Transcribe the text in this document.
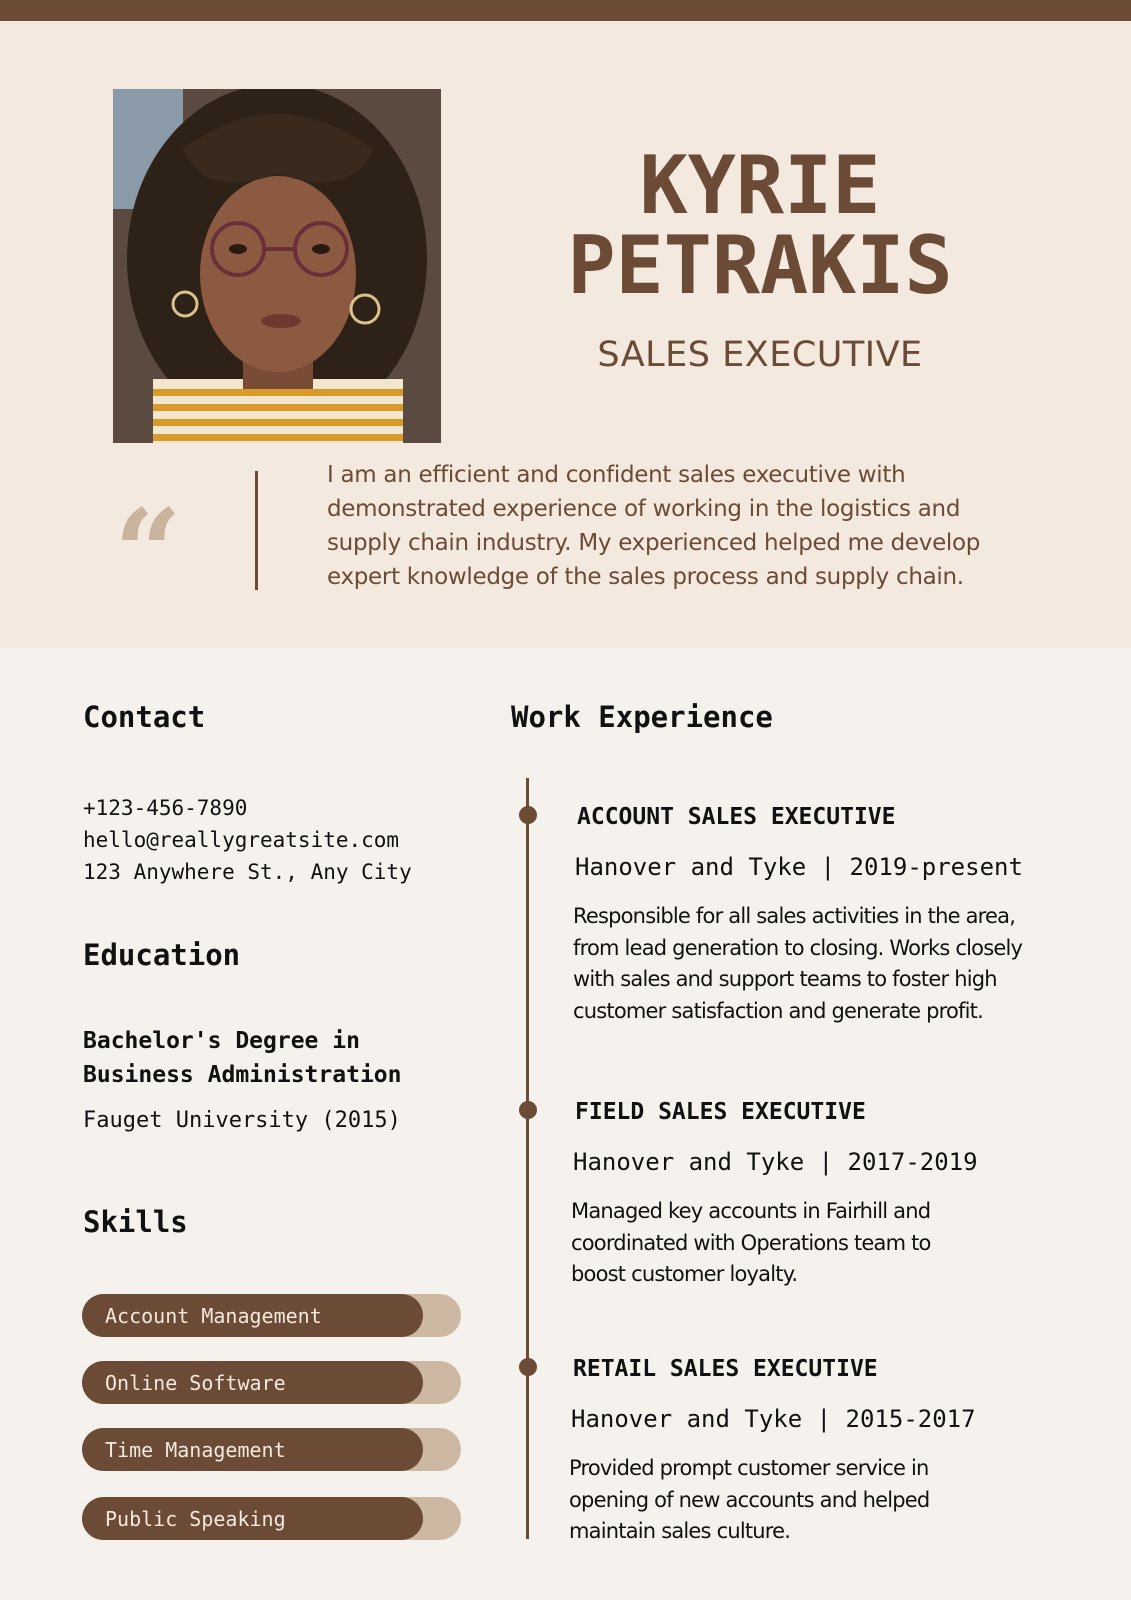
KYRIE
PETRAKIS
SALES EXECUTIVE
“
I am an efficient and confident sales executive with
demonstrated experience of working in the logistics and
supply chain industry. My experienced helped me develop
expert knowledge of the sales process and supply chain.
Contact
+123-456-7890
hello@reallygreatsite.com
123 Anywhere St., Any City
Education
Bachelor's Degree in
Business Administration
Fauget University (2015)
Skills
Account Management
Online Software
Time Management
Public Speaking
Work Experience
ACCOUNT SALES EXECUTIVE
Hanover and Tyke | 2019-present
Responsible for all sales activities in the area,
from lead generation to closing. Works closely
with sales and support teams to foster high
customer satisfaction and generate profit.
FIELD SALES EXECUTIVE
Hanover and Tyke | 2017-2019
Managed key accounts in Fairhill and
coordinated with Operations team to
boost customer loyalty.
RETAIL SALES EXECUTIVE
Hanover and Tyke | 2015-2017
Provided prompt customer service in
opening of new accounts and helped
maintain sales culture.
